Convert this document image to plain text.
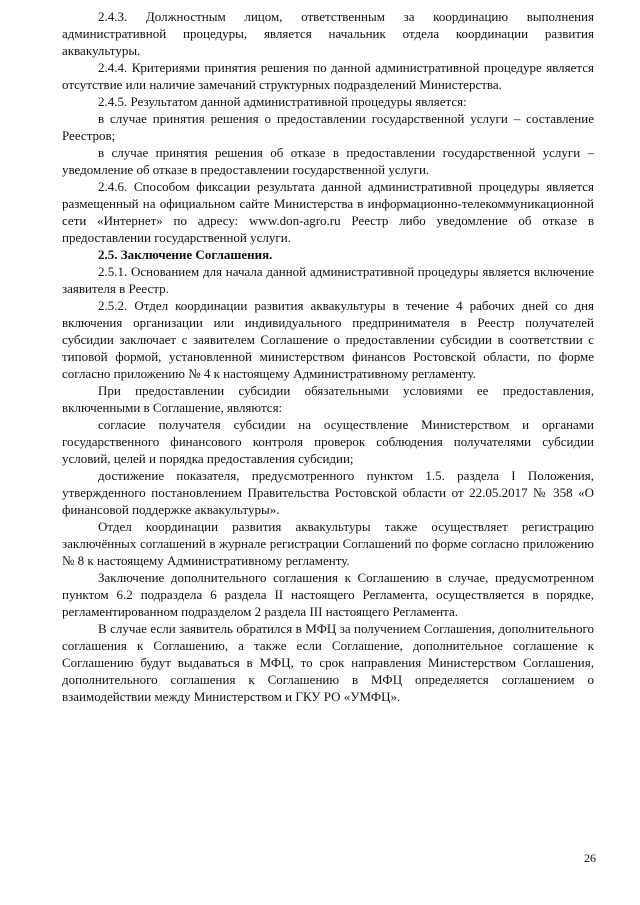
2.4.3. Должностным лицом, ответственным за координацию выполнения административной процедуры, является начальник отдела координации развития аквакультуры.

2.4.4. Критериями принятия решения по данной административной процедуре является отсутствие или наличие замечаний структурных подразделений Министерства.

2.4.5. Результатом данной административной процедуры является:

в случае принятия решения о предоставлении государственной услуги – составление Реестров;

в случае принятия решения об отказе в предоставлении государственной услуги – уведомление об отказе в предоставлении государственной услуги.

2.4.6. Способом фиксации результата данной административной процедуры является размещенный на официальном сайте Министерства в информационно-телекоммуникационной сети «Интернет» по адресу: www.don-agro.ru Реестр либо уведомление об отказе в предоставлении государственной услуги.

2.5. Заключение Соглашения.

2.5.1. Основанием для начала данной административной процедуры является включение заявителя в Реестр.

2.5.2. Отдел координации развития аквакультуры в течение 4 рабочих дней со дня включения организации или индивидуального предпринимателя в Реестр получателей субсидии заключает с заявителем Соглашение о предоставлении субсидии в соответствии с типовой формой, установленной министерством финансов Ростовской области, по форме согласно приложению № 4 к настоящему Административному регламенту.

При предоставлении субсидии обязательными условиями ее предоставления, включенными в Соглашение, являются:

согласие получателя субсидии на осуществление Министерством и органами государственного финансового контроля проверок соблюдения получателями субсидии условий, целей и порядка предоставления субсидии;

достижение показателя, предусмотренного пунктом 1.5. раздела I Положения, утвержденного постановлением Правительства Ростовской области от 22.05.2017 № 358 «О финансовой поддержке аквакультуры».

Отдел координации развития аквакультуры также осуществляет регистрацию заключённых соглашений в журнале регистрации Соглашений по форме согласно приложению № 8 к настоящему Административному регламенту.

Заключение дополнительного соглашения к Соглашению в случае, предусмотренном пунктом 6.2 подраздела 6 раздела II настоящего Регламента, осуществляется в порядке, регламентированном подразделом 2 раздела III настоящего Регламента.

В случае если заявитель обратился в МФЦ за получением Соглашения, дополнительного соглашения к Соглашению, а также если Соглашение, дополнительное соглашение к Соглашению будут выдаваться в МФЦ, то срок направления Министерством Соглашения, дополнительного соглашения к Соглашению в МФЦ определяется соглашением о взаимодействии между Министерством и ГКУ РО «УМФЦ».

26
